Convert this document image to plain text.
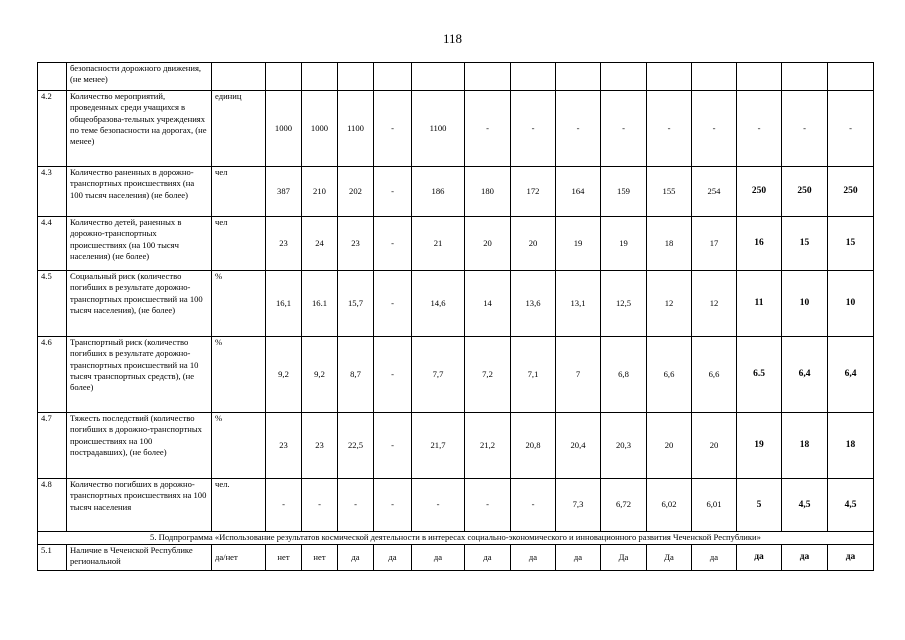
118
	безопасности дорожного движения, (не менее)															
4.2	Количество мероприятий, проведенных среди учащихся в общеобразова-тельных учреждениях по теме безопасности на дорогах, (не менее)	единиц	1000	1000	1100	-	1100	-	-	-	-	-	-	-	-	-
4.3	Количество раненных в дорожно-транспортных происшествиях (на 100 тысяч населения) (не более)	чел	387	210	202	-	186	180	172	164	159	155	254	250	250	250
4.4	Количество детей, раненных в дорожно-транспортных происшествиях (на 100 тысяч населения) (не более)	чел	23	24	23	-	21	20	20	19	19	18	17	16	15	15
4.5	Социальный риск (количество погибших в результате дорожно-транспортных происшествий на 100 тысяч населения), (не более)	%	16,1	16.1	15,7	-	14,6	14	13,6	13,1	12,5	12	12	11	10	10
4.6	Транспортный риск (количество погибших в результате дорожно-транспортных происшествий на 10 тысяч транспортных средств), (не более)	%	9,2	9,2	8,7	-	7,7	7,2	7,1	7	6,8	6,6	6,6	6.5	6,4	6,4
4.7	Тяжесть последствий (количество погибших в дорожно-транспортных происшествиях на 100 пострадавших), (не более)	%	23	23	22,5	-	21,7	21,2	20,8	20,4	20,3	20	20	19	18	18
4.8	Количество погибших в дорожно-транспортных происшествиях на 100 тысяч населения	чел.	-	-	-	-	-	-	-	7,3	6,72	6,02	6,01	5	4,5	4,5
5. Подпрограмма «Использование результатов космической деятельности в интересах социально-экономического и инновационного развития Чеченской Республики»																
5.1	Наличие в Чеченской Республике региональной	да/нет	нет	нет	да	да	да	да	да	да	Да	Да	да	да	да	да
